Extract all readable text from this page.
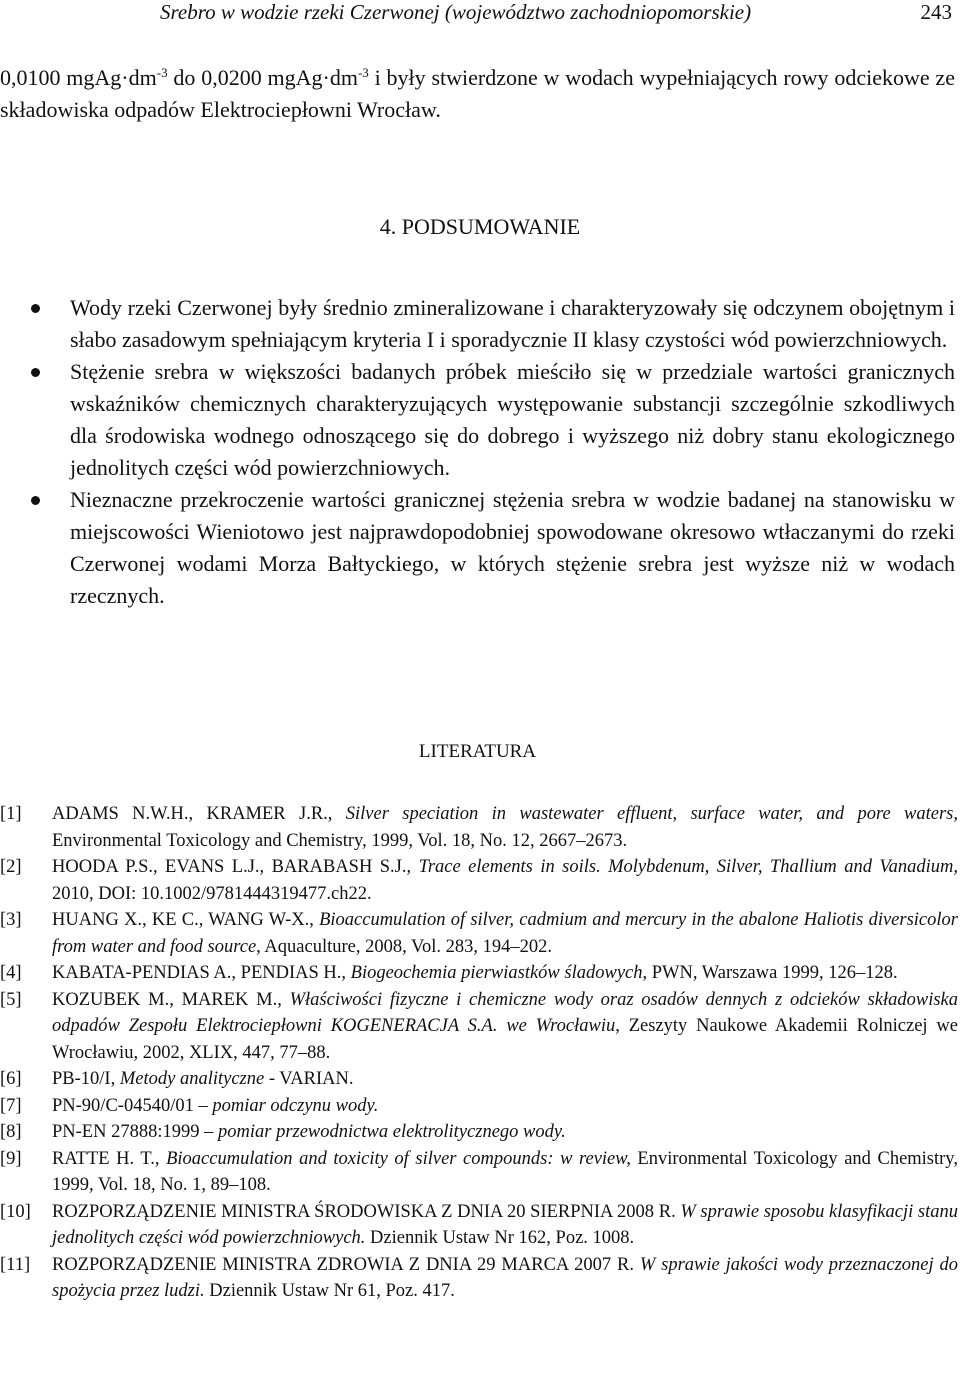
Srebro w wodzie rzeki Czerwonej (województwo zachodniopomorskie)	243

0,0100 $mgAg\cdot dm^{-3}$ do 0,0200 $mgAg\cdot dm^{-3}$ i były stwierdzone w wodach wypełniających rowy odciekowe ze składowiska odpadów Elektrociepłowni Wrocław.

4. PODSUMOWANIE
Wody rzeki Czerwonej były średnio zmineralizowane i charakteryzowały się odczynem obojętnym i słabo zasadowym spełniającym kryteria I i sporadycznie II klasy czystości wód powierzchniowych.
Stężenie srebra w większości badanych próbek mieściło się w przedziale wartości granicznych wskaźników chemicznych charakteryzujących występowanie substancji szczególnie szkodliwych dla środowiska wodnego odnoszącego się do dobrego i wyższego niż dobry stanu ekologicznego jednolitych części wód powierzchniowych.
Nieznaczne przekroczenie wartości granicznej stężenia srebra w wodzie badanej na stanowisku w miejscowości Wieniotowo jest najprawdopodobniej spowodowane okresowo wtłaczanymi do rzeki Czerwonej wodami Morza Bałtyckiego, w których stężenie srebra jest wyższe niż w wodach rzecznych.
LITERATURA
[1] ADAMS N.W.H., KRAMER J.R., Silver speciation in wastewater effluent, surface water, and pore waters, Environmental Toxicology and Chemistry, 1999, Vol. 18, No. 12, 2667–2673.
[2] HOODA P.S., EVANS L.J., BARABASH S.J., Trace elements in soils. Molybdenum, Silver, Thallium and Vanadium, 2010, DOI: 10.1002/9781444319477.ch22.
[3] HUANG X., KE C., WANG W-X., Bioaccumulation of silver, cadmium and mercury in the abalone Haliotis diversicolor from water and food source, Aquaculture, 2008, Vol. 283, 194–202.
[4] KABATA-PENDIAS A., PENDIAS H., Biogeochemia pierwiastków śladowych, PWN, Warszawa 1999, 126–128.
[5] KOZUBEK M., MAREK M., Właściwości fizyczne i chemiczne wody oraz osadów dennych z odcieków składowiska odpadów Zespołu Elektrociepłowni KOGENERACJA S.A. we Wrocławiu, Zeszyty Naukowe Akademii Rolniczej we Wrocławiu, 2002, XLIX, 447, 77–88.
[6] PB-10/I, Metody analityczne - VARIAN.
[7] PN-90/C-04540/01 – pomiar odczynu wody.
[8] PN-EN 27888:1999 – pomiar przewodnictwa elektrolitycznego wody.
[9] RATTE H. T., Bioaccumulation and toxicity of silver compounds: w review, Environmental Toxicology and Chemistry, 1999, Vol. 18, No. 1, 89–108.
[10] ROZPORZĄDZENIE MINISTRA ŚRODOWISKA Z DNIA 20 SIERPNIA 2008 R. W sprawie sposobu klasyfikacji stanu jednolitych części wód powierzchniowych. Dziennik Ustaw Nr 162, Poz. 1008.
[11] ROZPORZĄDZENIE MINISTRA ZDROWIA Z DNIA 29 MARCA 2007 R. W sprawie jakości wody przeznaczonej do spożycia przez ludzi. Dziennik Ustaw Nr 61, Poz. 417.
